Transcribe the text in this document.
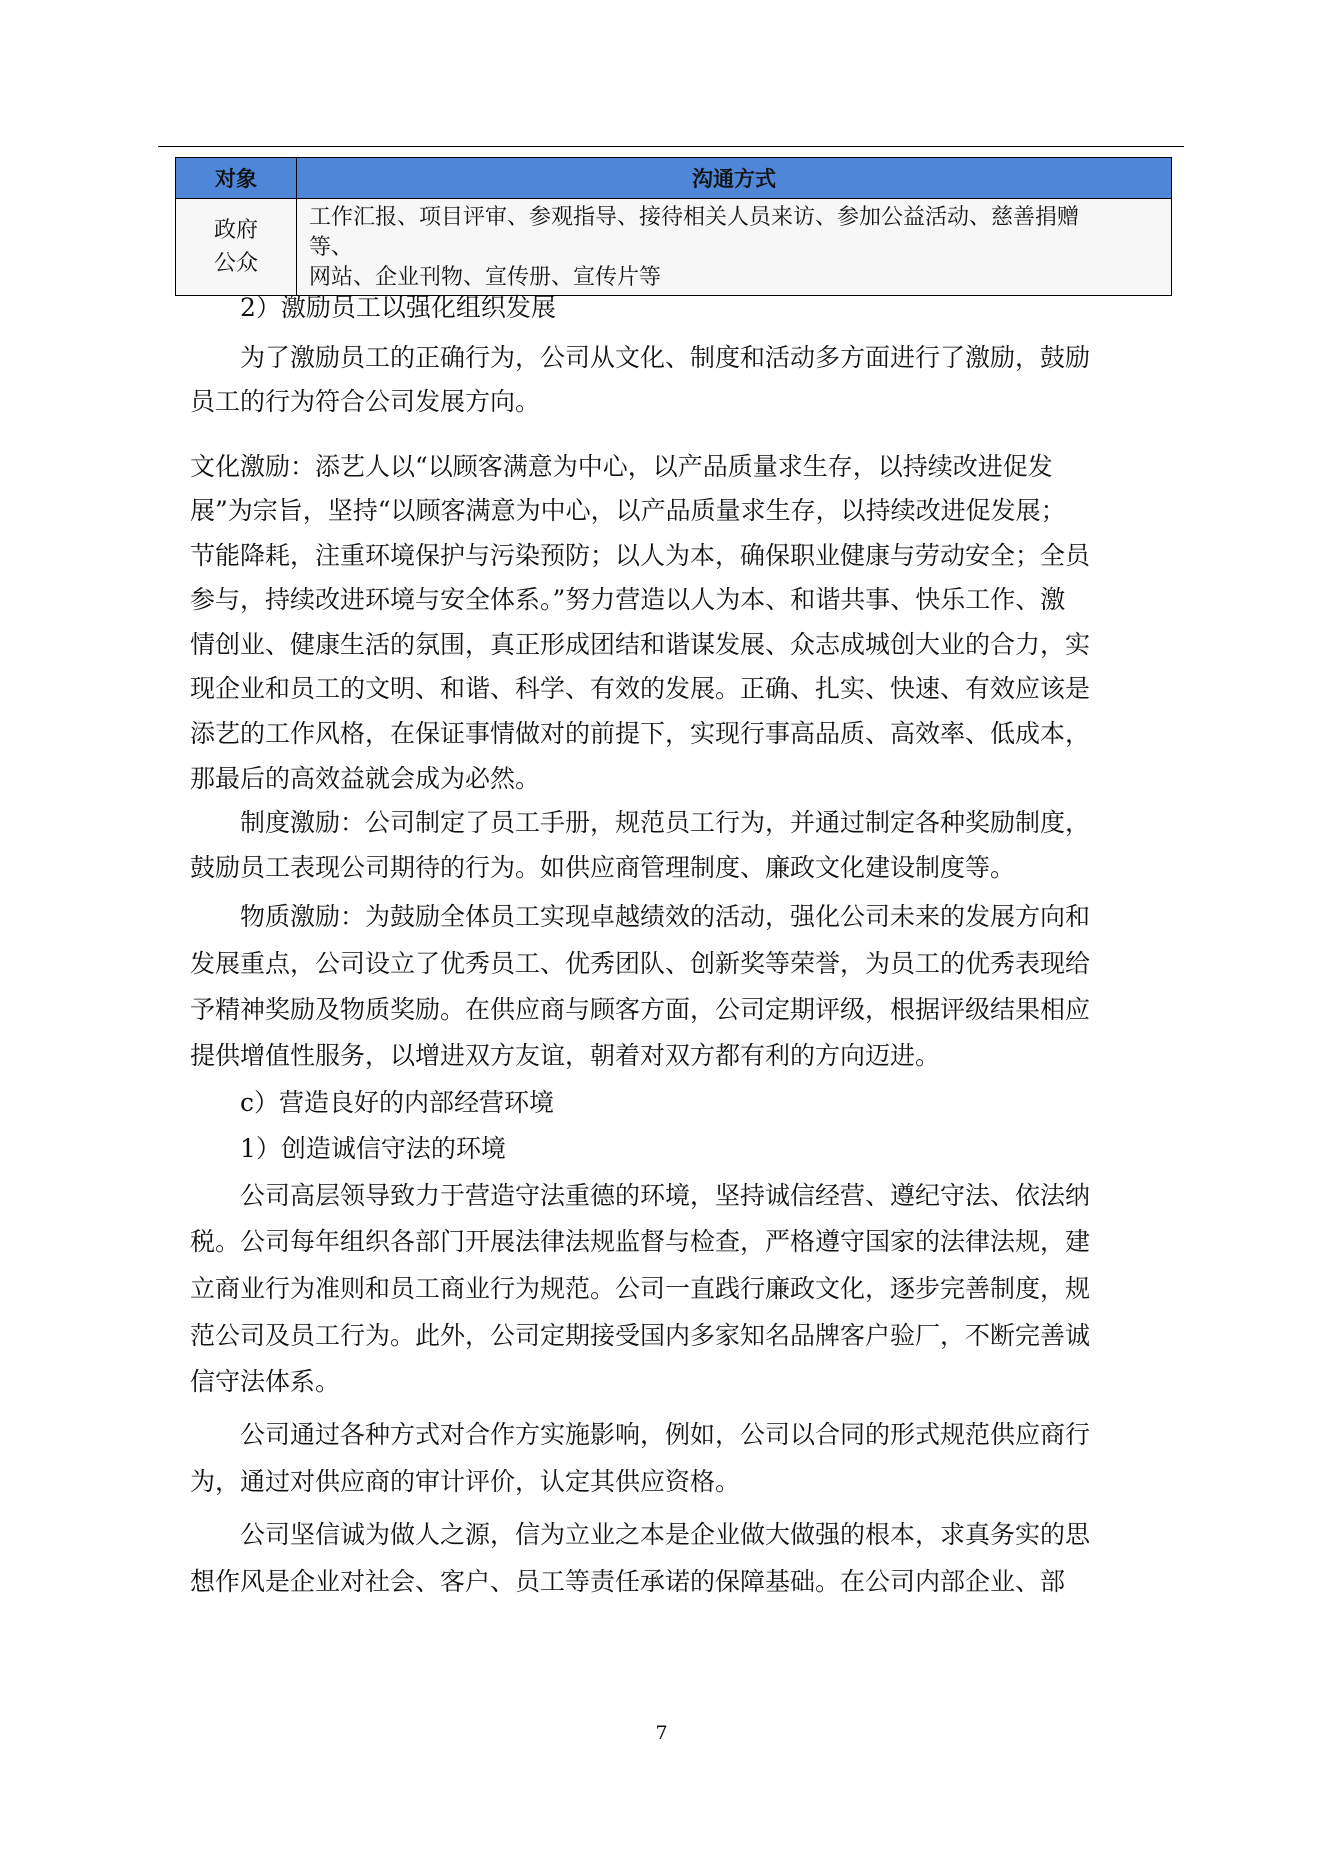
对象	沟通方式

政府
公众	工作汇报、项目评审、参观指导、接待相关人员来访、参加公益活动、慈善捐赠
等、
网站、企业刊物、宣传册、宣传片等
2）激励员工以强化组织发展
为了激励员工的正确行为，公司从文化、制度和活动多方面进行了激励，鼓励
员工的行为符合公司发展方向。
文化激励：添艺人以“以顾客满意为中心，以产品质量求生存，以持续改进促发
展”为宗旨，坚持“以顾客满意为中心，以产品质量求生存，以持续改进促发展；
节能降耗，注重环境保护与污染预防；以人为本，确保职业健康与劳动安全；全员
参与，持续改进环境与安全体系。”努力营造以人为本、和谐共事、快乐工作、激
情创业、健康生活的氛围，真正形成团结和谐谋发展、众志成城创大业的合力，实
现企业和员工的文明、和谐、科学、有效的发展。正确、扎实、快速、有效应该是
添艺的工作风格，在保证事情做对的前提下，实现行事高品质、高效率、低成本，
那最后的高效益就会成为必然。
制度激励：公司制定了员工手册，规范员工行为，并通过制定各种奖励制度，
鼓励员工表现公司期待的行为。如供应商管理制度、廉政文化建设制度等。
物质激励：为鼓励全体员工实现卓越绩效的活动，强化公司未来的发展方向和
发展重点，公司设立了优秀员工、优秀团队、创新奖等荣誉，为员工的优秀表现给
予精神奖励及物质奖励。在供应商与顾客方面，公司定期评级，根据评级结果相应
提供增值性服务，以增进双方友谊，朝着对双方都有利的方向迈进。
c）营造良好的内部经营环境
1）创造诚信守法的环境
公司高层领导致力于营造守法重德的环境，坚持诚信经营、遵纪守法、依法纳
税。公司每年组织各部门开展法律法规监督与检查，严格遵守国家的法律法规，建
立商业行为准则和员工商业行为规范。公司一直践行廉政文化，逐步完善制度，规
范公司及员工行为。此外，公司定期接受国内多家知名品牌客户验厂，不断完善诚
信守法体系。
公司通过各种方式对合作方实施影响，例如，公司以合同的形式规范供应商行
为，通过对供应商的审计评价，认定其供应资格。
公司坚信诚为做人之源，信为立业之本是企业做大做强的根本，求真务实的思
想作风是企业对社会、客户、员工等责任承诺的保障基础。在公司内部企业、部
7
